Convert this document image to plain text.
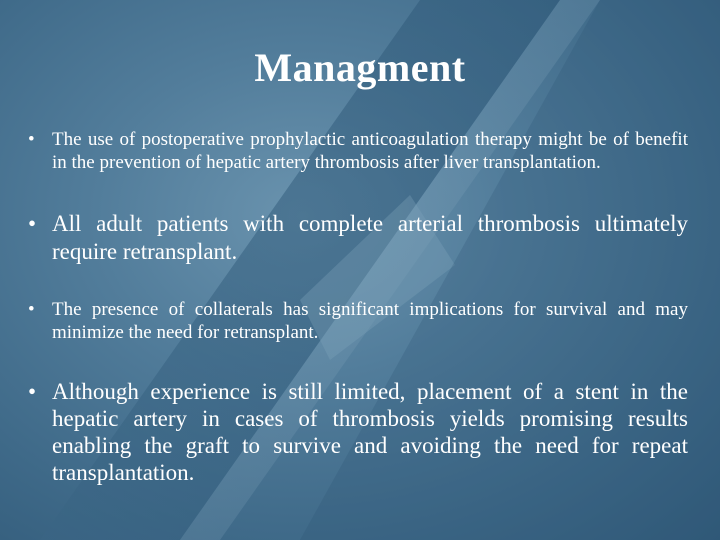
Managment
• The use of postoperative prophylactic anticoagulation therapy might be of benefit in the prevention of hepatic artery thrombosis after liver transplantation.
• All adult patients with complete arterial thrombosis ultimately require retransplant.
• The presence of collaterals has significant implications for survival and may minimize the need for retransplant.
• Although experience is still limited, placement of a stent in the hepatic artery in cases of thrombosis yields promising results enabling the graft to survive and avoiding the need for repeat transplantation.
